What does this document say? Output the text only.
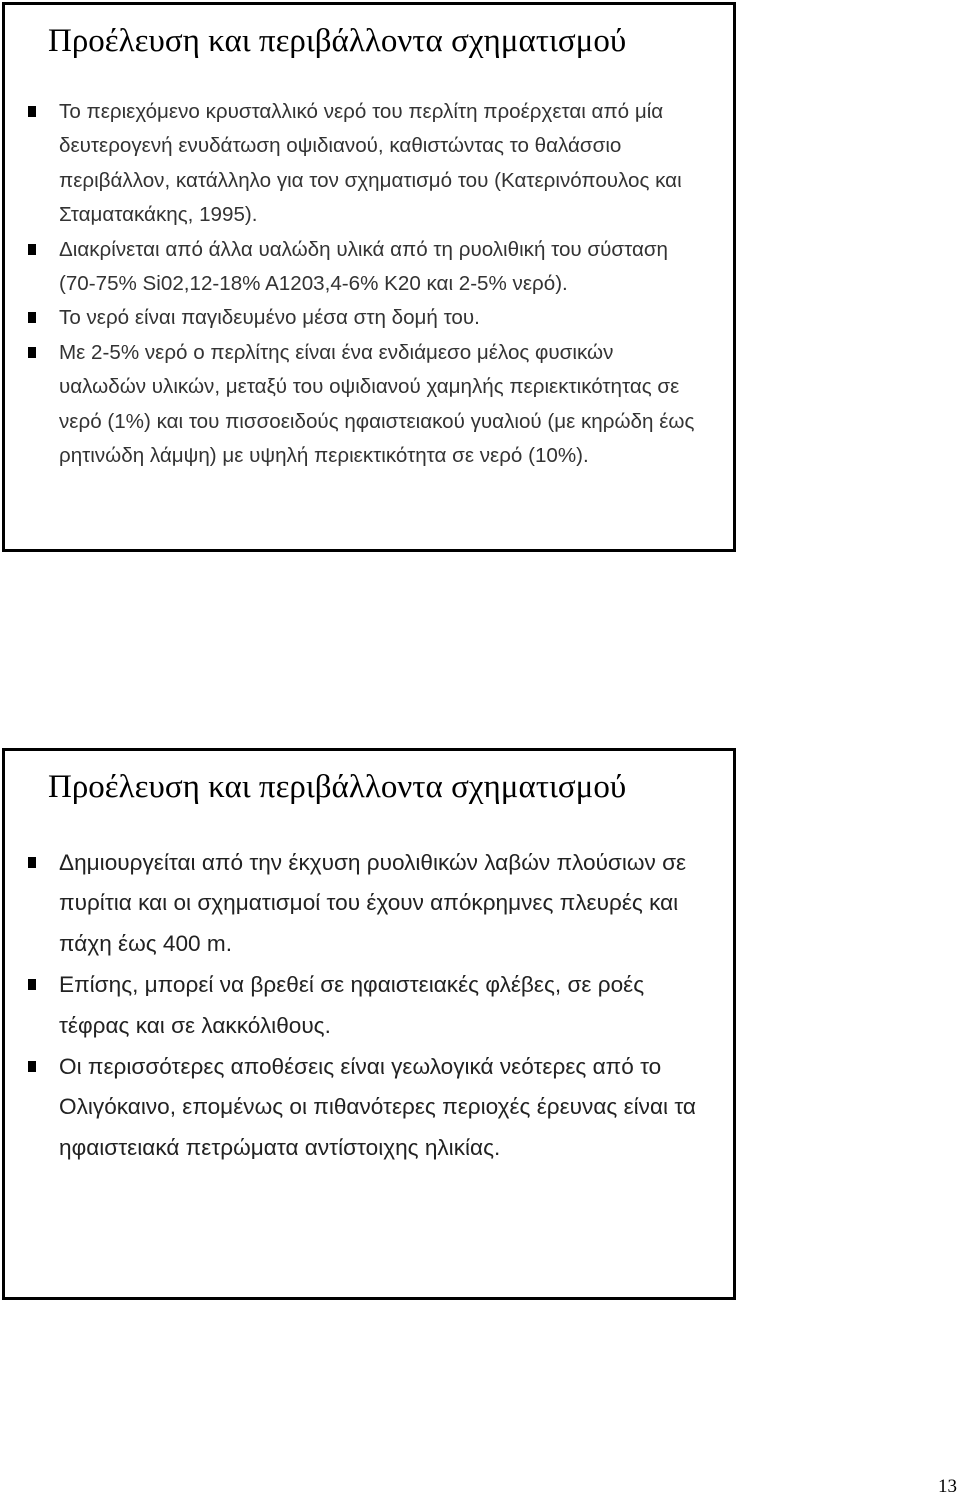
Προέλευση και περιβάλλοντα σχηματισμού
Το περιεχόμενο κρυσταλλικό νερό του περλίτη προέρχεται από μία δευτερογενή ενυδάτωση οψιδιανού, καθιστώντας το θαλάσσιο περιβάλλον, κατάλληλο για τον σχηματισμό του (Κατερινόπουλος και Σταματακάκης, 1995).
Διακρίνεται από άλλα υαλώδη υλικά από τη ρυολιθική του σύσταση (70-75% Si02,12-18% A1203,4-6% K20 και 2-5% νερό).
Το νερό είναι παγιδευμένο μέσα στη δομή του.
Με 2-5% νερό ο περλίτης είναι ένα ενδιάμεσο μέλος φυσικών υαλωδών υλικών, μεταξύ του οψιδιανού χαμηλής περιεκτικότητας σε νερό (1%) και του πισσοειδούς ηφαιστειακού γυαλιού (με κηρώδη έως ρητινώδη λάμψη) με υψηλή περιεκτικότητα σε νερό (10%).
Προέλευση και περιβάλλοντα σχηματισμού
Δημιουργείται από την έκχυση ρυολιθικών λαβών πλούσιων σε πυρίτια και οι σχηματισμοί του έχουν απόκρημνες πλευρές και πάχη έως 400 m.
Επίσης, μπορεί να βρεθεί σε ηφαιστειακές φλέβες, σε ροές τέφρας και σε λακκόλιθους.
Οι περισσότερες αποθέσεις είναι γεωλογικά νεότερες από το Ολιγόκαινο, επομένως οι πιθανότερες περιοχές έρευνας είναι τα ηφαιστειακά πετρώματα αντίστοιχης ηλικίας.

13
